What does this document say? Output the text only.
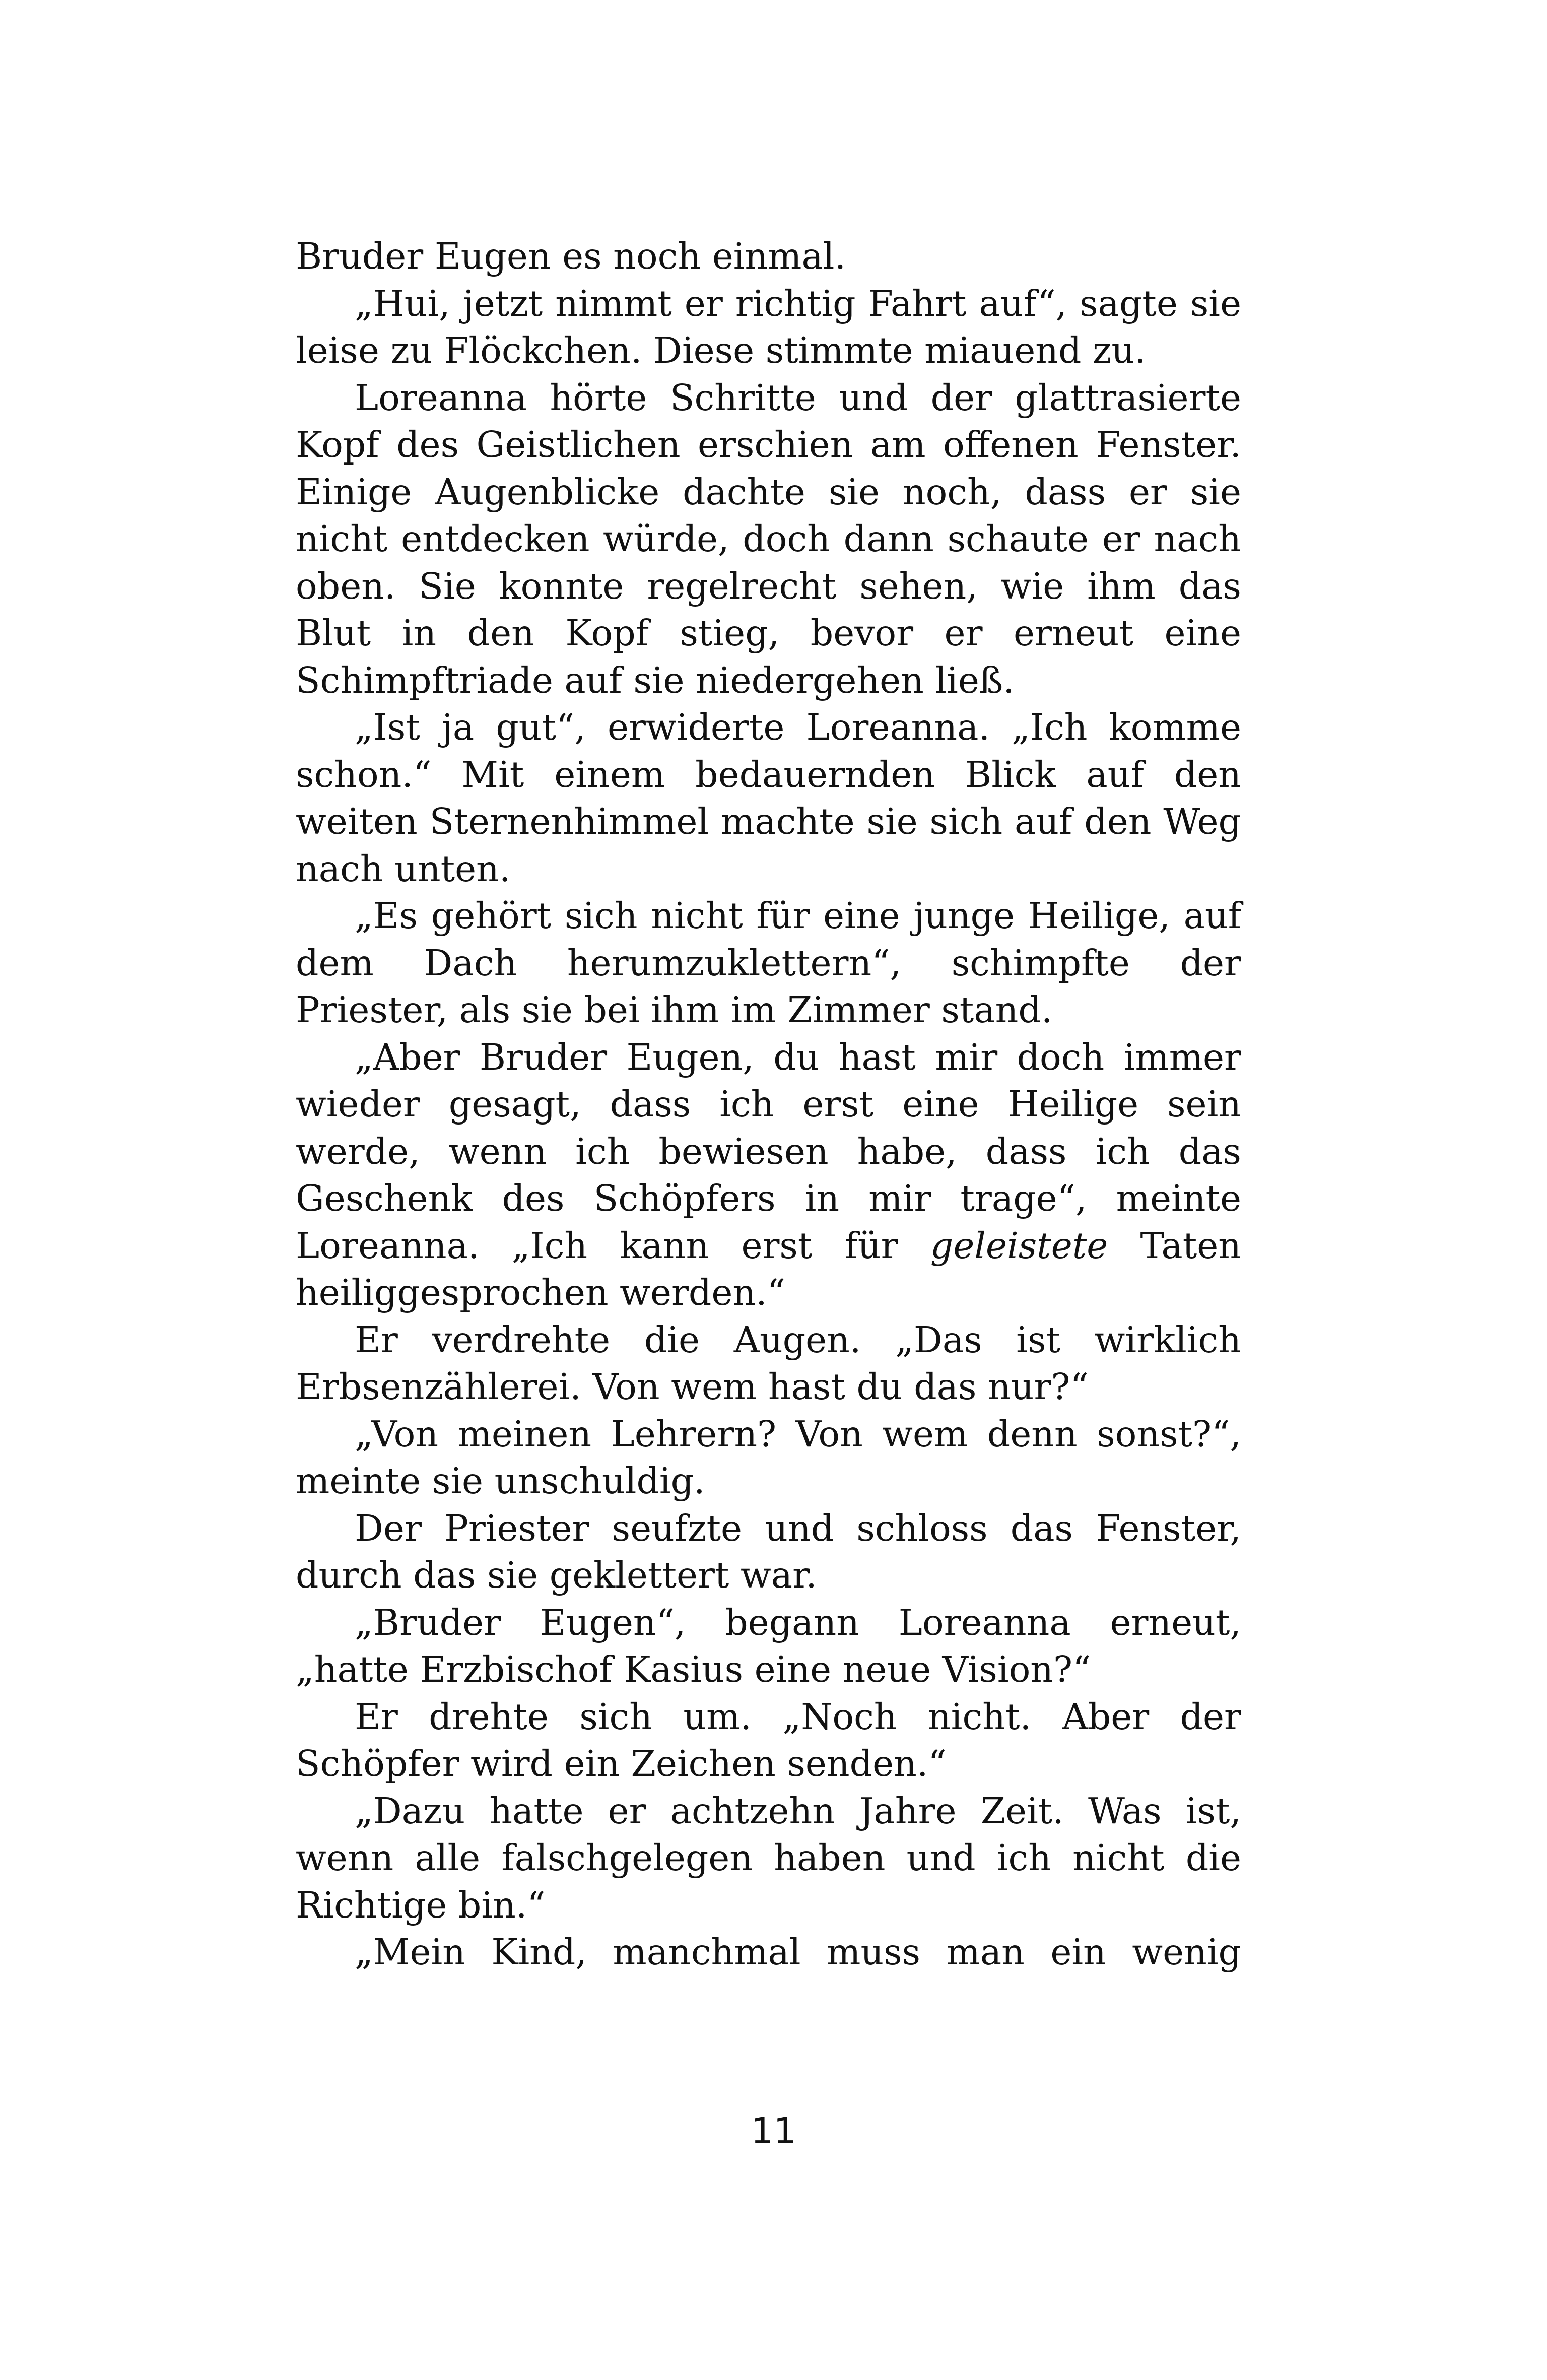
Bruder Eugen es noch einmal.

„Hui, jetzt nimmt er richtig Fahrt auf“, sagte sie leise zu Flöckchen. Diese stimmte miauend zu.

Loreanna hörte Schritte und der glattrasierte Kopf des Geistlichen erschien am offenen Fenster. Einige Augenblicke dachte sie noch, dass er sie nicht entdecken würde, doch dann schaute er nach oben. Sie konnte regelrecht sehen, wie ihm das Blut in den Kopf stieg, bevor er erneut eine Schimpftriade auf sie niedergehen ließ.

„Ist ja gut“, erwiderte Loreanna. „Ich komme schon.“ Mit einem bedauernden Blick auf den weiten Sternenhimmel machte sie sich auf den Weg nach unten.

„Es gehört sich nicht für eine junge Heilige, auf dem Dach herumzuklettern“, schimpfte der Priester, als sie bei ihm im Zimmer stand.

„Aber Bruder Eugen, du hast mir doch immer wieder gesagt, dass ich erst eine Heilige sein werde, wenn ich bewiesen habe, dass ich das Geschenk des Schöpfers in mir trage“, meinte Loreanna. „Ich kann erst für geleistete Taten heiliggesprochen werden.“

Er verdrehte die Augen. „Das ist wirklich Erbsenzählerei. Von wem hast du das nur?“

„Von meinen Lehrern? Von wem denn sonst?“, meinte sie unschuldig.

Der Priester seufzte und schloss das Fenster, durch das sie geklettert war.

„Bruder Eugen“, begann Loreanna erneut, „hatte Erzbischof Kasius eine neue Vision?“

Er drehte sich um. „Noch nicht. Aber der Schöpfer wird ein Zeichen senden.“

„Dazu hatte er achtzehn Jahre Zeit. Was ist, wenn alle falschgelegen haben und ich nicht die Richtige bin.“

„Mein Kind, manchmal muss man ein wenig

11
